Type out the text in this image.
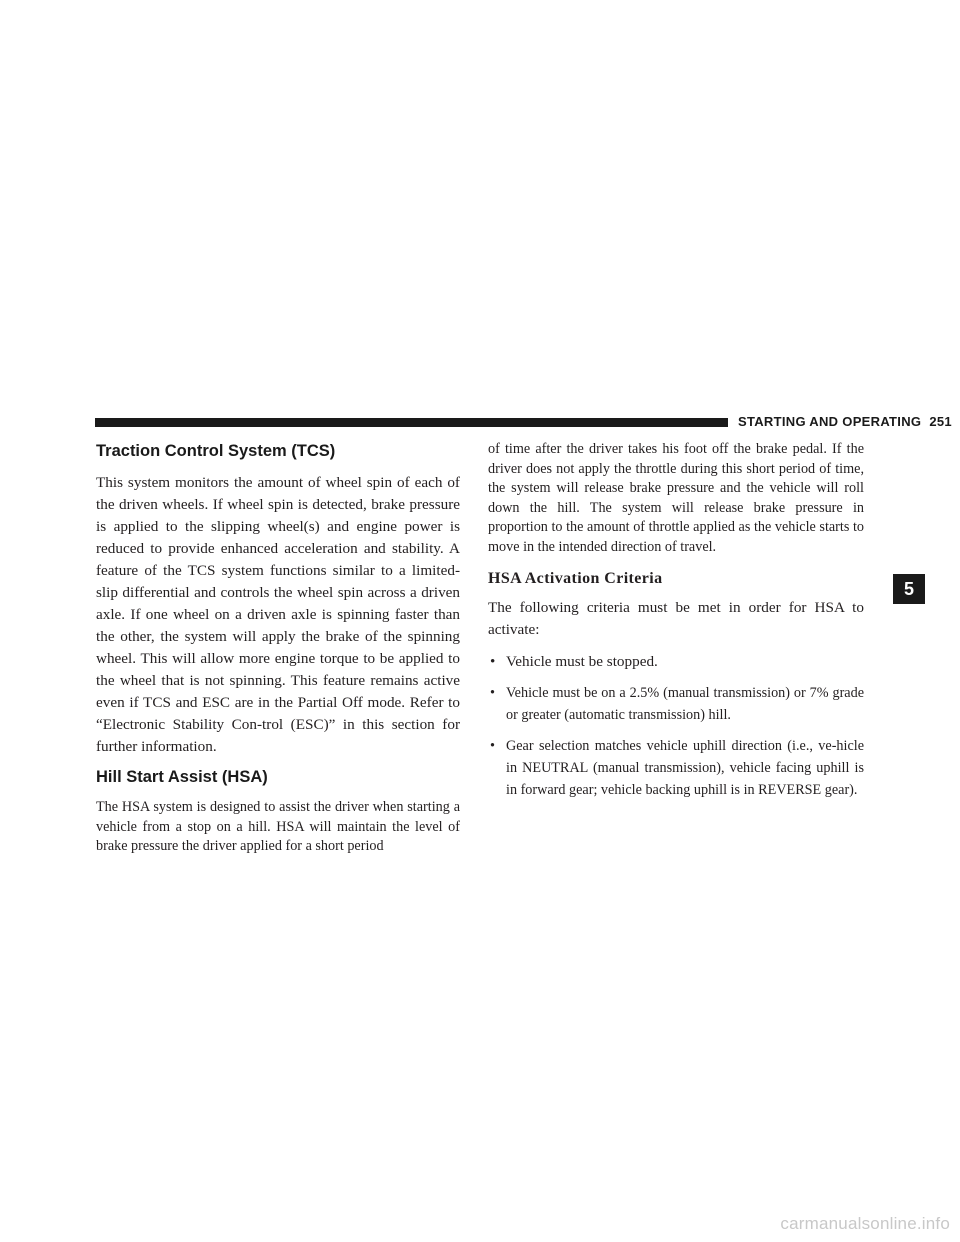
STARTING AND OPERATING 251
Traction Control System (TCS)

This system monitors the amount of wheel spin of each of the driven wheels. If wheel spin is detected, brake pressure is applied to the slipping wheel(s) and engine power is reduced to provide enhanced acceleration and stability. A feature of the TCS system functions similar to a limited-slip differential and controls the wheel spin across a driven axle. If one wheel on a driven axle is spinning faster than the other, the system will apply the brake of the spinning wheel. This will allow more engine torque to be applied to the wheel that is not spinning. This feature remains active even if TCS and ESC are in the Partial Off mode. Refer to “Electronic Stability Con-trol (ESC)” in this section for further information.

Hill Start Assist (HSA)

The HSA system is designed to assist the driver when starting a vehicle from a stop on a hill. HSA will maintain the level of brake pressure the driver applied for a short period

of time after the driver takes his foot off the brake pedal. If the driver does not apply the throttle during this short period of time, the system will release brake pressure and the vehicle will roll down the hill. The system will release brake pressure in proportion to the amount of throttle applied as the vehicle starts to move in the intended direction of travel.

HSA Activation Criteria

The following criteria must be met in order for HSA to activate:

• Vehicle must be stopped.
• Vehicle must be on a 2.5% (manual transmission) or 7% grade or greater (automatic transmission) hill.
• Gear selection matches vehicle uphill direction (i.e., ve-hicle in NEUTRAL (manual transmission), vehicle facing uphill is in forward gear; vehicle backing uphill is in REVERSE gear).
5
carmanualsonline.info
